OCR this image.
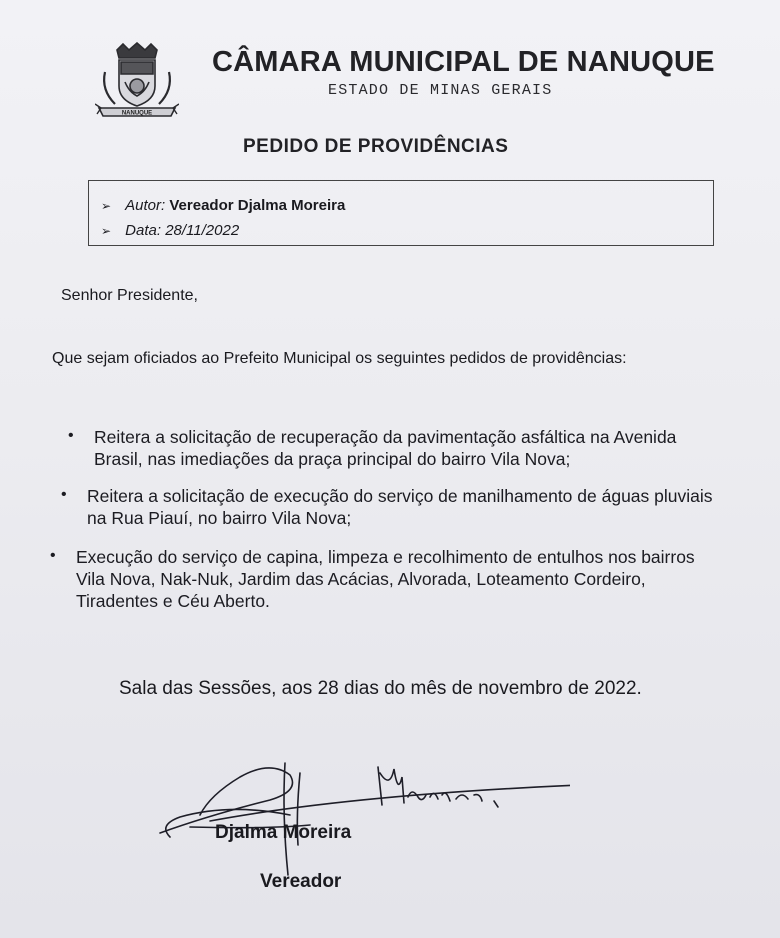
NANUQUE
CÂMARA MUNICIPAL DE NANUQUE
ESTADO DE MINAS GERAIS
PEDIDO DE PROVIDÊNCIAS
➢ Autor: Vereador Djalma Moreira
➢ Data: 28/11/2022
Senhor Presidente,
Que sejam oficiados ao Prefeito Municipal os seguintes pedidos de providências:
• Reitera a solicitação de recuperação da pavimentação asfáltica na Avenida
Brasil, nas imediações da praça principal do bairro Vila Nova;
• Reitera a solicitação de execução do serviço de manilhamento de águas pluviais
na Rua Piauí, no bairro Vila Nova;
• Execução do serviço de capina, limpeza e recolhimento de entulhos nos bairros
Vila Nova, Nak-Nuk, Jardim das Acácias, Alvorada, Loteamento Cordeiro,
Tiradentes e Céu Aberto.
Sala das Sessões, aos 28 dias do mês de novembro de 2022.
Djalma Moreira
Vereador
